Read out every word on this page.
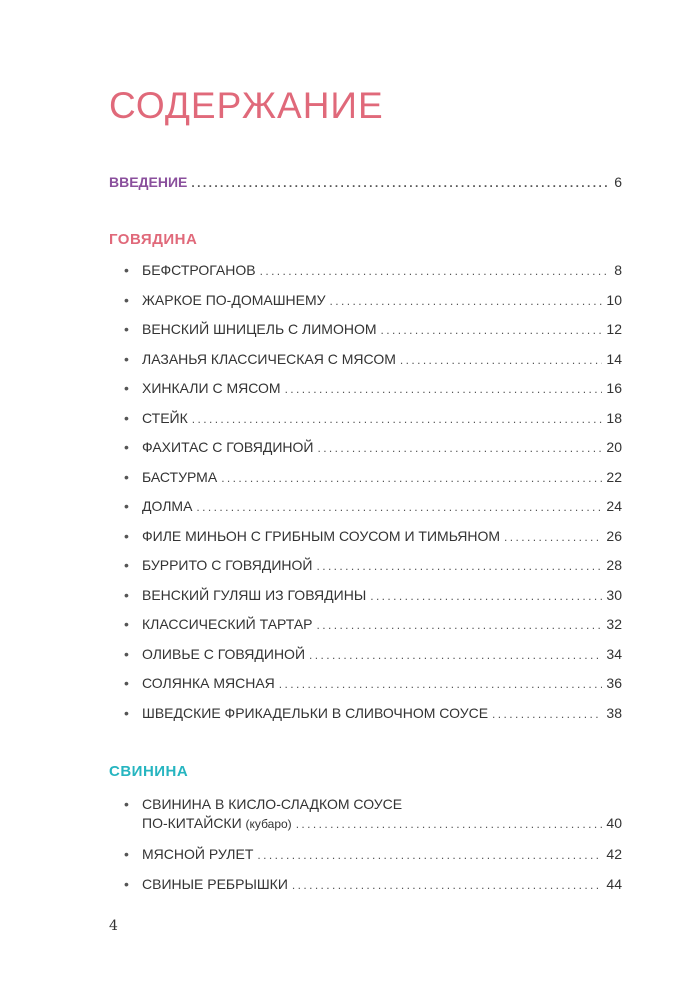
СОДЕРЖАНИЕ
ВВЕДЕНИЕ .....	6
ГОВЯДИНА
• БЕФСТРОГАНОВ .....	8
• ЖАРКОЕ ПО-ДОМАШНЕМУ .....	10
• ВЕНСКИЙ ШНИЦЕЛЬ С ЛИМОНОМ .....	12
• ЛАЗАНЬЯ КЛАССИЧЕСКАЯ С МЯСОМ .....	14
• ХИНКАЛИ С МЯСОМ .....	16
• СТЕЙК .....	18
• ФАХИТАС С ГОВЯДИНОЙ .....	20
• БАСТУРМА .....	22
• ДОЛМА .....	24
• ФИЛЕ МИНЬОН С ГРИБНЫМ СОУСОМ И ТИМЬЯНОМ .....	26
• БУРРИТО С ГОВЯДИНОЙ .....	28
• ВЕНСКИЙ ГУЛЯШ ИЗ ГОВЯДИНЫ .....	30
• КЛАССИЧЕСКИЙ ТАРТАР .....	32
• ОЛИВЬЕ С ГОВЯДИНОЙ .....	34
• СОЛЯНКА МЯСНАЯ .....	36
• ШВЕДСКИЕ ФРИКАДЕЛЬКИ В СЛИВОЧНОМ СОУСЕ .....	38
СВИНИНА
• СВИНИНА В КИСЛО-СЛАДКОМ СОУСЕ
ПО-КИТАЙСКИ (кубаро) .....	40
• МЯСНОЙ РУЛЕТ .....	42
• СВИНЫЕ РЕБРЫШКИ .....	44
4
